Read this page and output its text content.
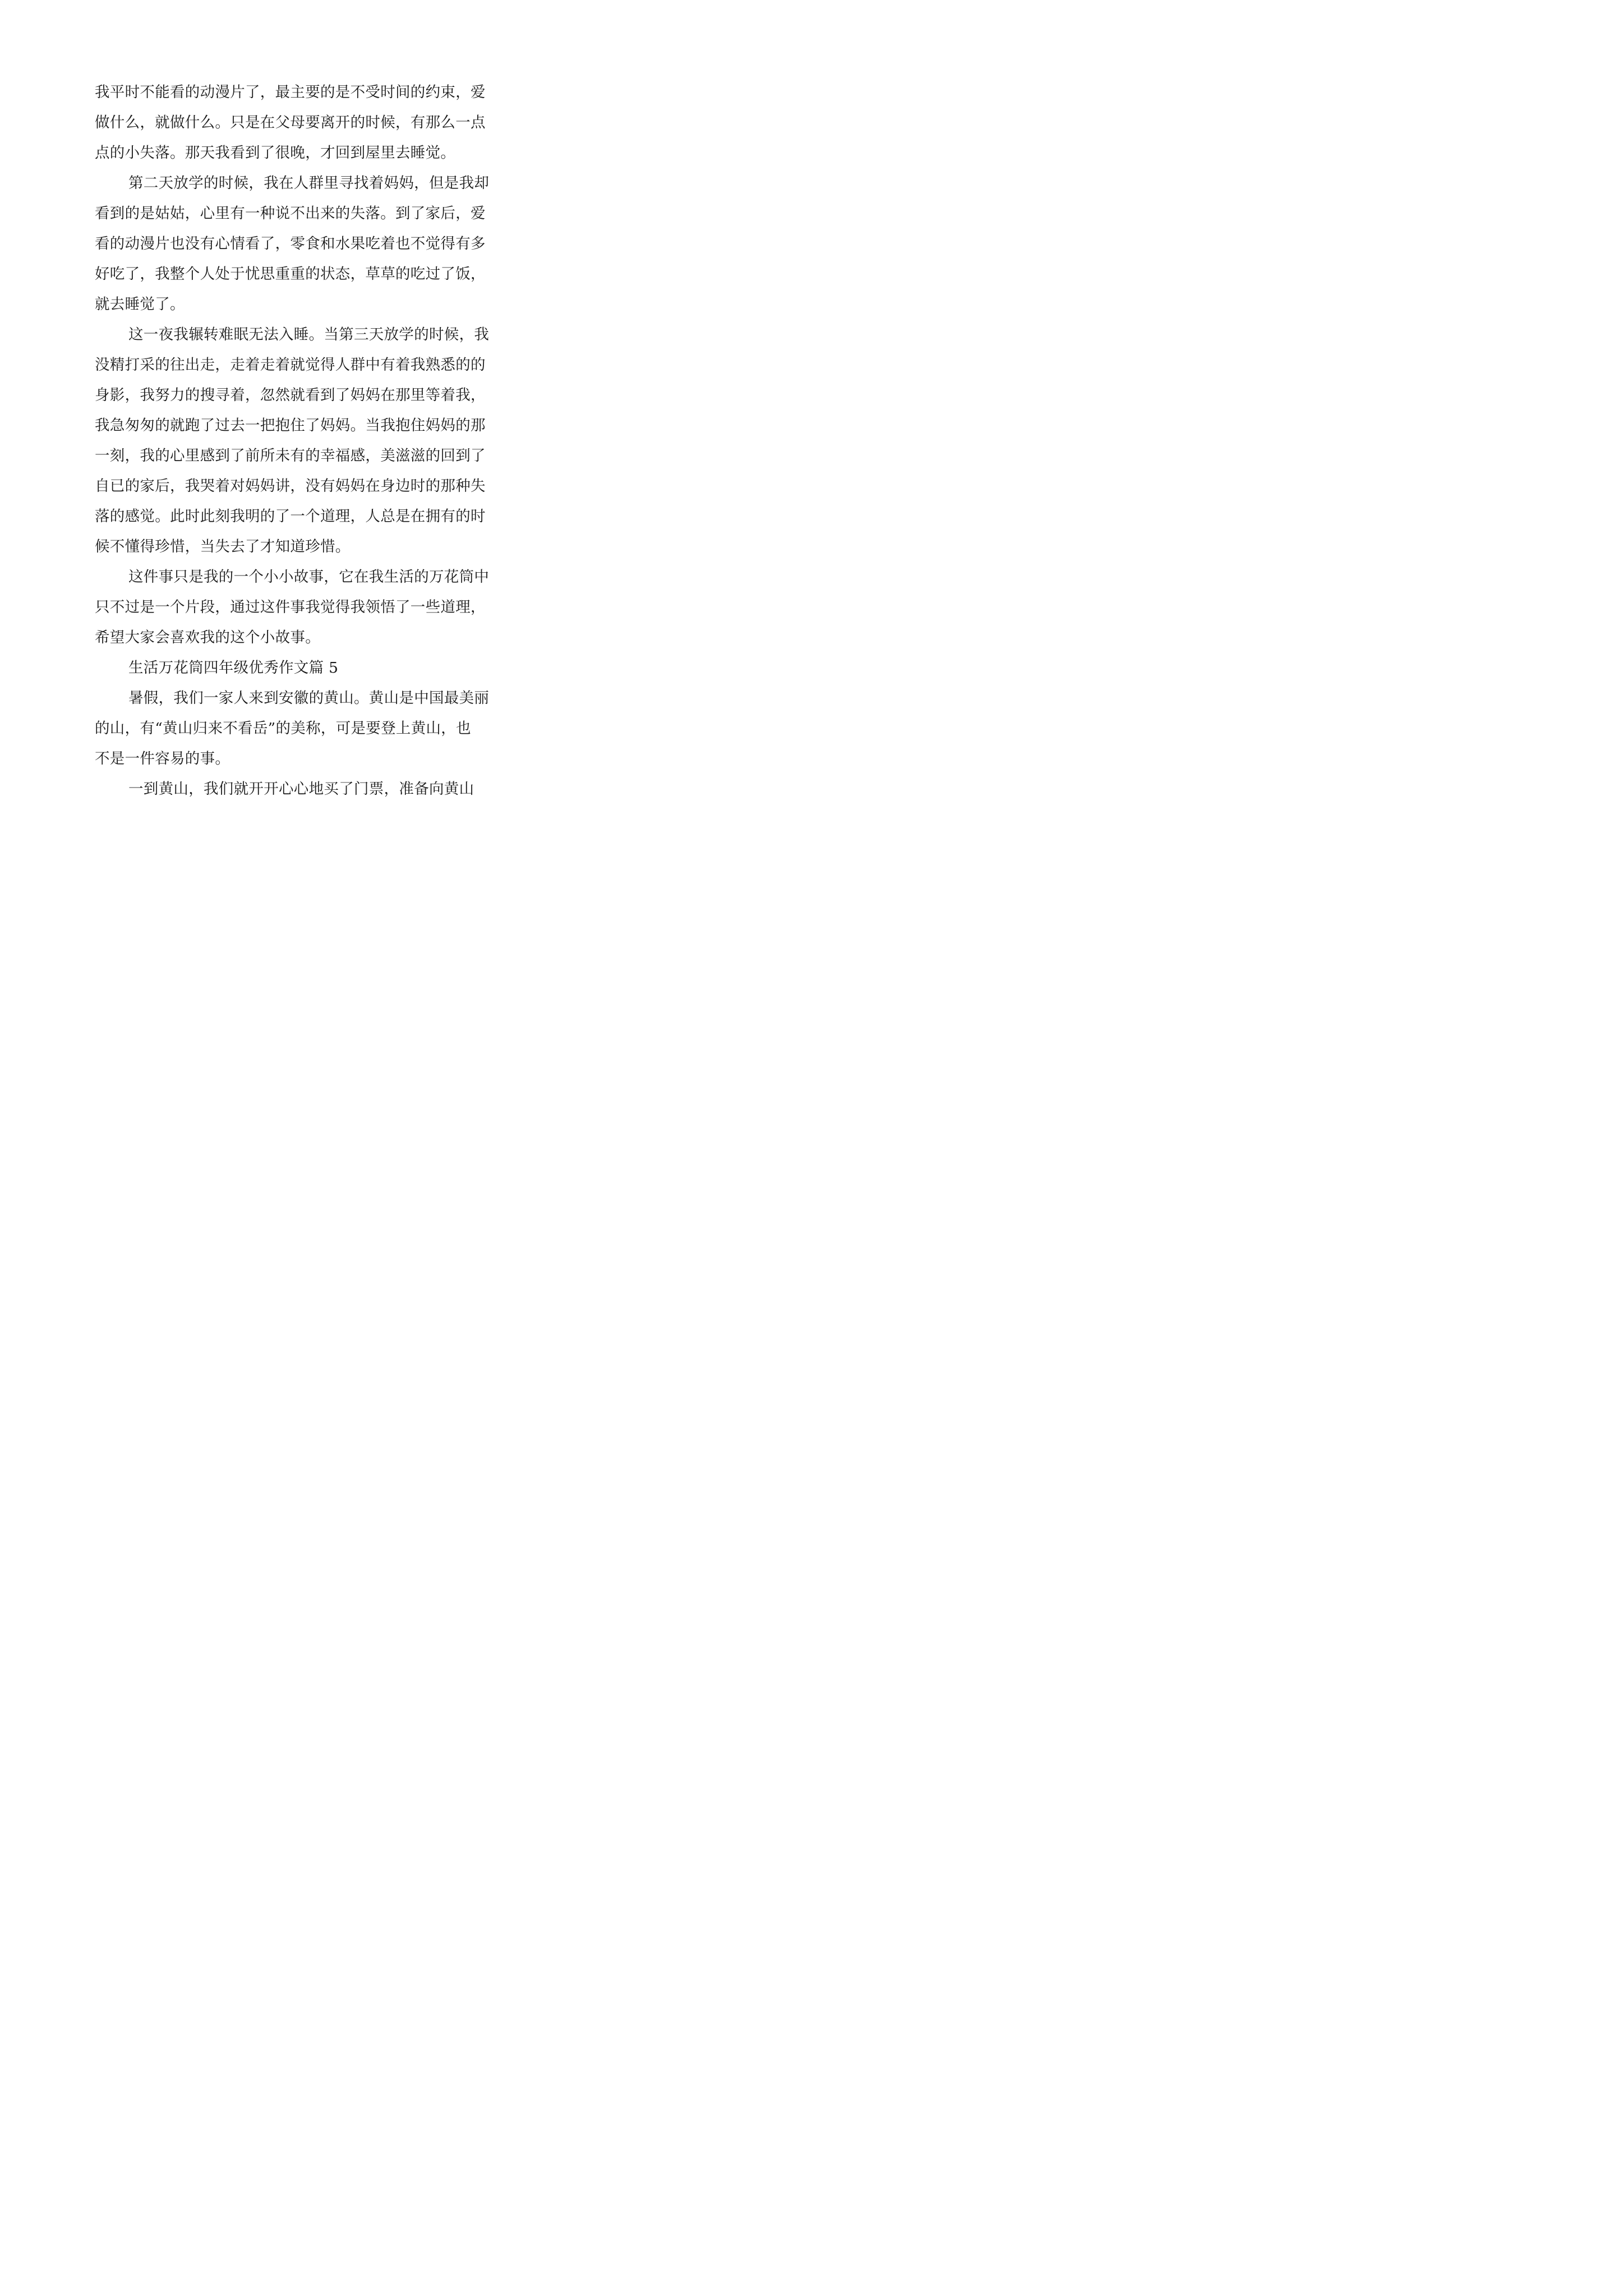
我平时不能看的动漫片了，最主要的是不受时间的约束，爱
做什么，就做什么。只是在父母要离开的时候，有那么一点
点的小失落。那天我看到了很晚，才回到屋里去睡觉。
第二天放学的时候，我在人群里寻找着妈妈，但是我却
看到的是姑姑，心里有一种说不出来的失落。到了家后，爱
看的动漫片也没有心情看了，零食和水果吃着也不觉得有多
好吃了，我整个人处于忧思重重的状态，草草的吃过了饭，
就去睡觉了。
这一夜我辗转难眠无法入睡。当第三天放学的时候，我
没精打采的往出走，走着走着就觉得人群中有着我熟悉的的
身影，我努力的搜寻着，忽然就看到了妈妈在那里等着我，
我急匆匆的就跑了过去一把抱住了妈妈。当我抱住妈妈的那
一刻，我的心里感到了前所未有的幸福感，美滋滋的回到了
自已的家后，我哭着对妈妈讲，没有妈妈在身边时的那种失
落的感觉。此时此刻我明的了一个道理，人总是在拥有的时
候不懂得珍惜，当失去了才知道珍惜。
这件事只是我的一个小小故事，它在我生活的万花筒中
只不过是一个片段，通过这件事我觉得我领悟了一些道理，
希望大家会喜欢我的这个小故事。
生活万花筒四年级优秀作文篇 5
暑假，我们一家人来到安徽的黄山。黄山是中国最美丽
的山，有“黄山归来不看岳”的美称，可是要登上黄山，也
不是一件容易的事。
一到黄山，我们就开开心心地买了门票，准备向黄山
